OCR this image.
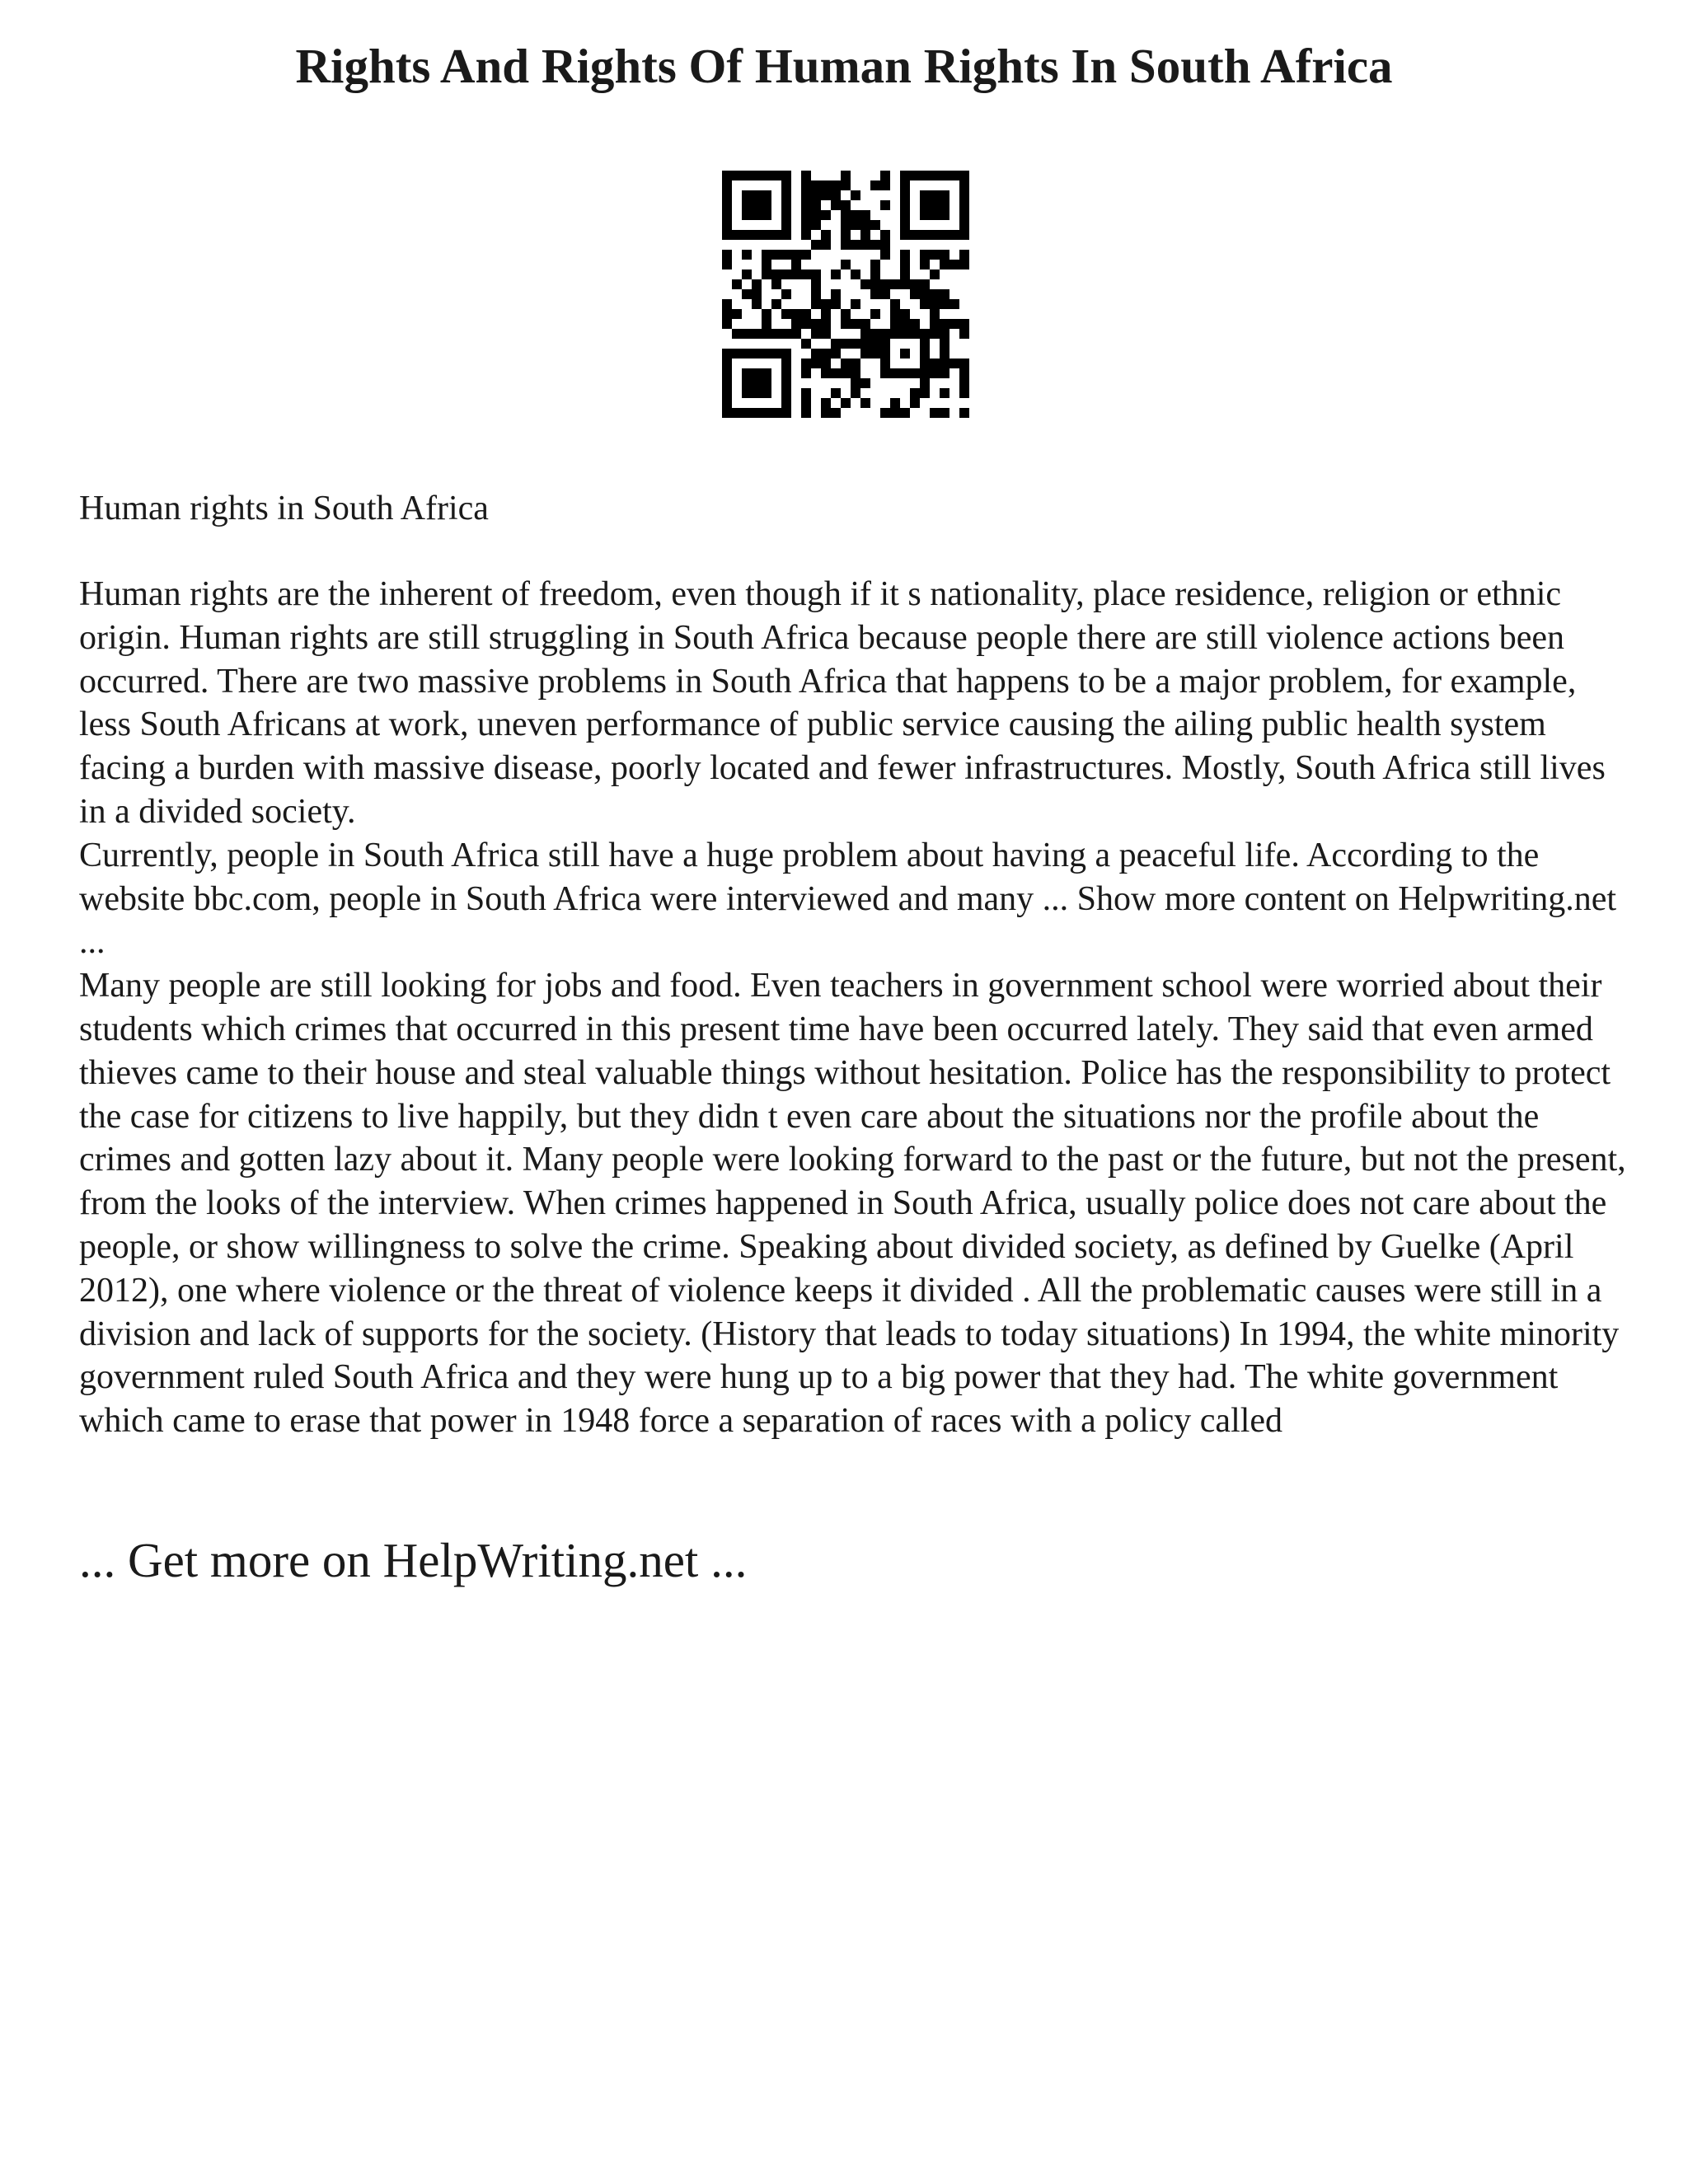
Rights And Rights Of Human Rights In South Africa

Human rights in South Africa

Human rights are the inherent of freedom, even though if it s nationality, place residence, religion or ethnic origin. Human rights are still struggling in South Africa because people there are still violence actions been occurred. There are two massive problems in South Africa that happens to be a major problem, for example, less South Africans at work, uneven performance of public service causing the ailing public health system facing a burden with massive disease, poorly located and fewer infrastructures. Mostly, South Africa still lives in a divided society.

Currently, people in South Africa still have a huge problem about having a peaceful life. According to the website bbc.com, people in South Africa were interviewed and many ... Show more content on Helpwriting.net ...

Many people are still looking for jobs and food. Even teachers in government school were worried about their students which crimes that occurred in this present time have been occurred lately. They said that even armed thieves came to their house and steal valuable things without hesitation. Police has the responsibility to protect the case for citizens to live happily, but they didn t even care about the situations nor the profile about the crimes and gotten lazy about it. Many people were looking forward to the past or the future, but not the present, from the looks of the interview. When crimes happened in South Africa, usually police does not care about the people, or show willingness to solve the crime. Speaking about divided society, as defined by Guelke (April 2012), one where violence or the threat of violence keeps it divided . All the problematic causes were still in a division and lack of supports for the society. (History that leads to today situations) In 1994, the white minority government ruled South Africa and they were hung up to a big power that they had. The white government which came to erase that power in 1948 force a separation of races with a policy called

... Get more on HelpWriting.net ...
